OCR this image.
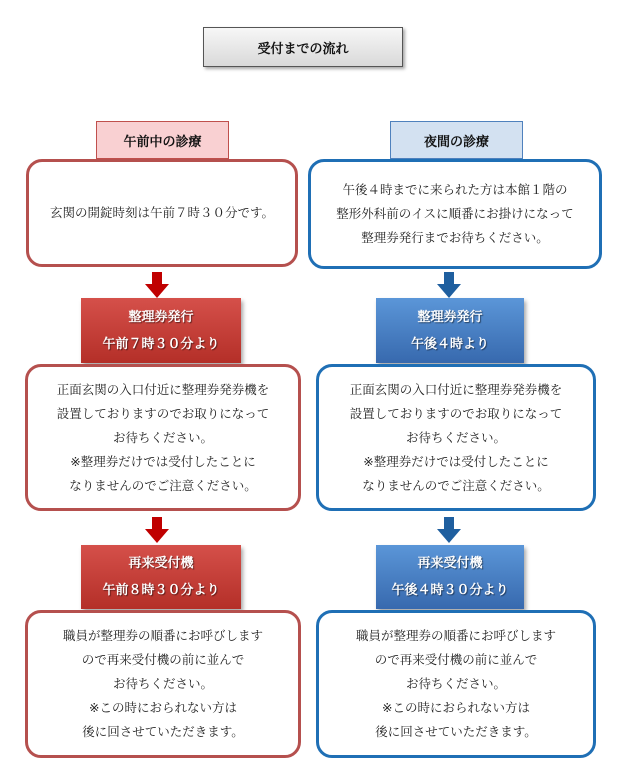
受付までの流れ
午前中の診療
玄関の開錠時刻は午前７時３０分です。
整理券発行
午前７時３０分より
正面玄関の入口付近に整理券発券機を
設置しておりますのでお取りになって
お待ちください。
※整理券だけでは受付したことに
なりませんのでご注意ください。
再来受付機
午前８時３０分より
職員が整理券の順番にお呼びします
ので再来受付機の前に並んで
お待ちください。
※この時におられない方は
後に回させていただきます。
夜間の診療
午後４時までに来られた方は本館１階の
整形外科前のイスに順番にお掛けになって
整理券発行までお待ちください。
整理券発行
午後４時より
正面玄関の入口付近に整理券発券機を
設置しておりますのでお取りになって
お待ちください。
※整理券だけでは受付したことに
なりませんのでご注意ください。
再来受付機
午後４時３０分より
職員が整理券の順番にお呼びします
ので再来受付機の前に並んで
お待ちください。
※この時におられない方は
後に回させていただきます。
